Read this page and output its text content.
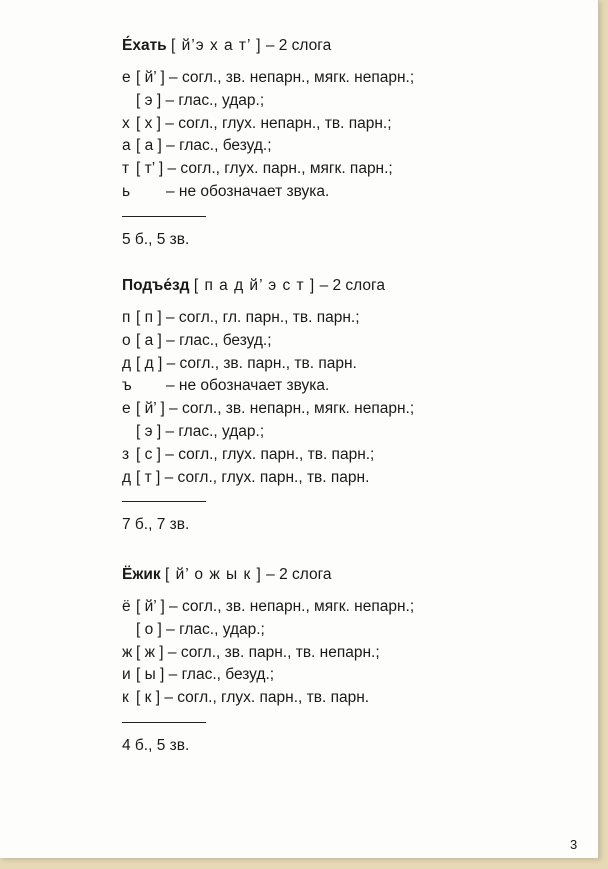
Е́хать [ й’э х а т’ ] – 2 слога
е [ й’ ] – согл., зв. непарн., мягк. непарн.;
[ э ] – глас., удар.;
х [ х ] – согл., глух. непарн., тв. парн.;
а [ а ] – глас., безуд.;
т [ т’ ] – согл., глух. парн., мягк. парн.;
ь – не обозначает звука.
5 б., 5 зв.
Подъе́зд [ п а д й’ э с т ] – 2 слога
п [ п ] – согл., гл. парн., тв. парн.;
о [ а ] – глас., безуд.;
д [ д ] – согл., зв. парн., тв. парн.
ъ – не обозначает звука.
е [ й’ ] – согл., зв. непарн., мягк. непарн.;
[ э ] – глас., удар.;
з [ с ] – согл., глух. парн., тв. парн.;
д [ т ] – согл., глух. парн., тв. парн.
7 б., 7 зв.
Ёжик [ й’ о ж ы к ] – 2 слога
ё [ й’ ] – согл., зв. непарн., мягк. непарн.;
[ о ] – глас., удар.;
ж [ ж ] – согл., зв. парн., тв. непарн.;
и [ ы ] – глас., безуд.;
к [ к ] – согл., глух. парн., тв. парн.
4 б., 5 зв.
3
